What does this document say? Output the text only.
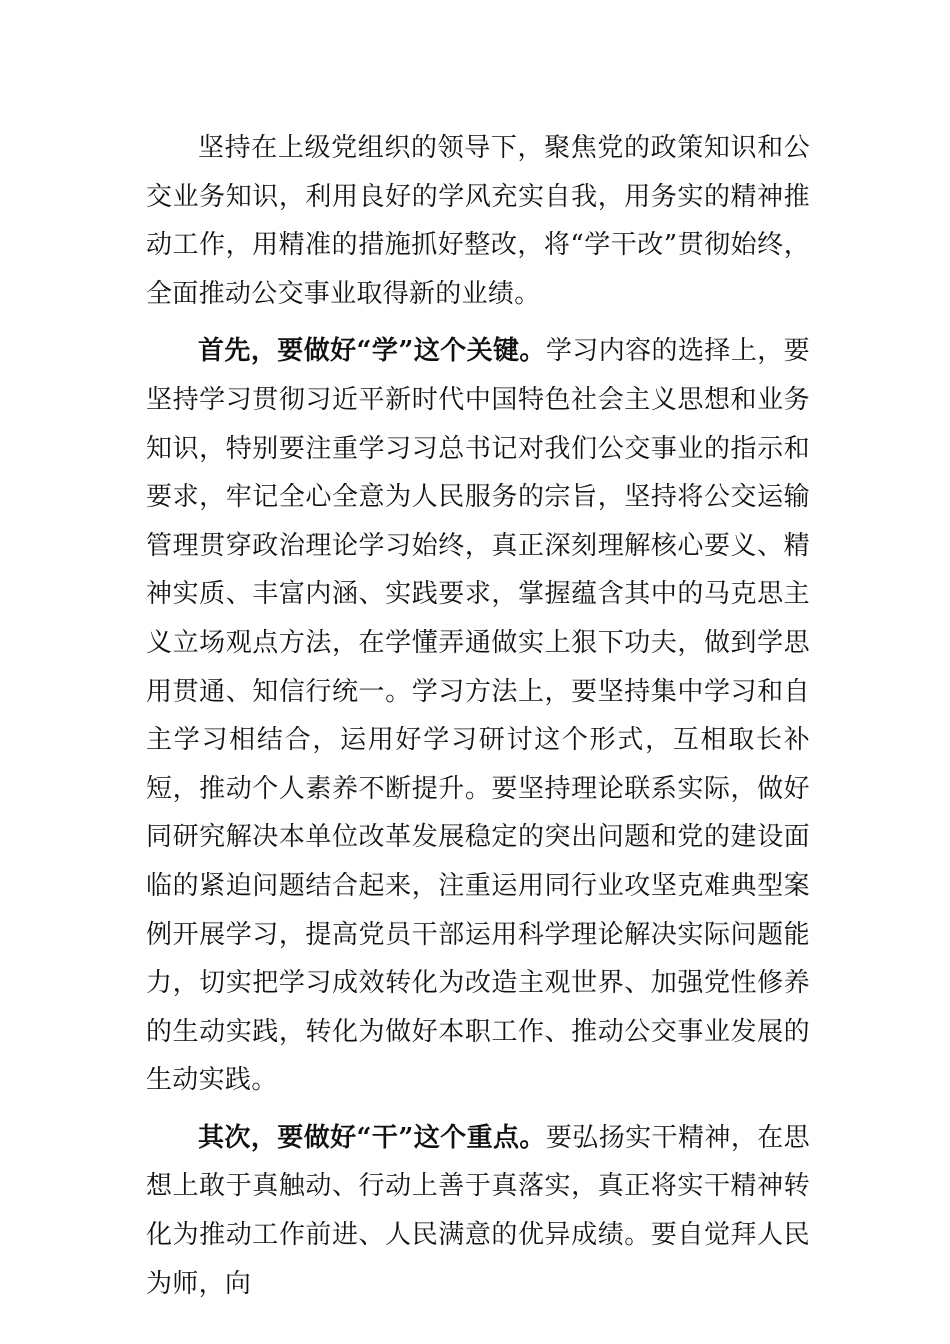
坚持在上级党组织的领导下，聚焦党的政策知识和公交业务知识，利用良好的学风充实自我，用务实的精神推动工作，用精准的措施抓好整改，将“学干改”贯彻始终，全面推动公交事业取得新的业绩。

首先，要做好“学”这个关键。学习内容的选择上，要坚持学习贯彻习近平新时代中国特色社会主义思想和业务知识，特别要注重学习习总书记对我们公交事业的指示和要求，牢记全心全意为人民服务的宗旨，坚持将公交运输管理贯穿政治理论学习始终，真正深刻理解核心要义、精神实质、丰富内涵、实践要求，掌握蕴含其中的马克思主义立场观点方法，在学懂弄通做实上狠下功夫，做到学思用贯通、知信行统一。学习方法上，要坚持集中学习和自主学习相结合，运用好学习研讨这个形式，互相取长补短，推动个人素养不断提升。要坚持理论联系实际，做好同研究解决本单位改革发展稳定的突出问题和党的建设面临的紧迫问题结合起来，注重运用同行业攻坚克难典型案例开展学习，提高党员干部运用科学理论解决实际问题能力，切实把学习成效转化为改造主观世界、加强党性修养的生动实践，转化为做好本职工作、推动公交事业发展的生动实践。

其次，要做好“干”这个重点。要弘扬实干精神，在思想上敢于真触动、行动上善于真落实，真正将实干精神转化为推动工作前进、人民满意的优异成绩。要自觉拜人民为师，向
